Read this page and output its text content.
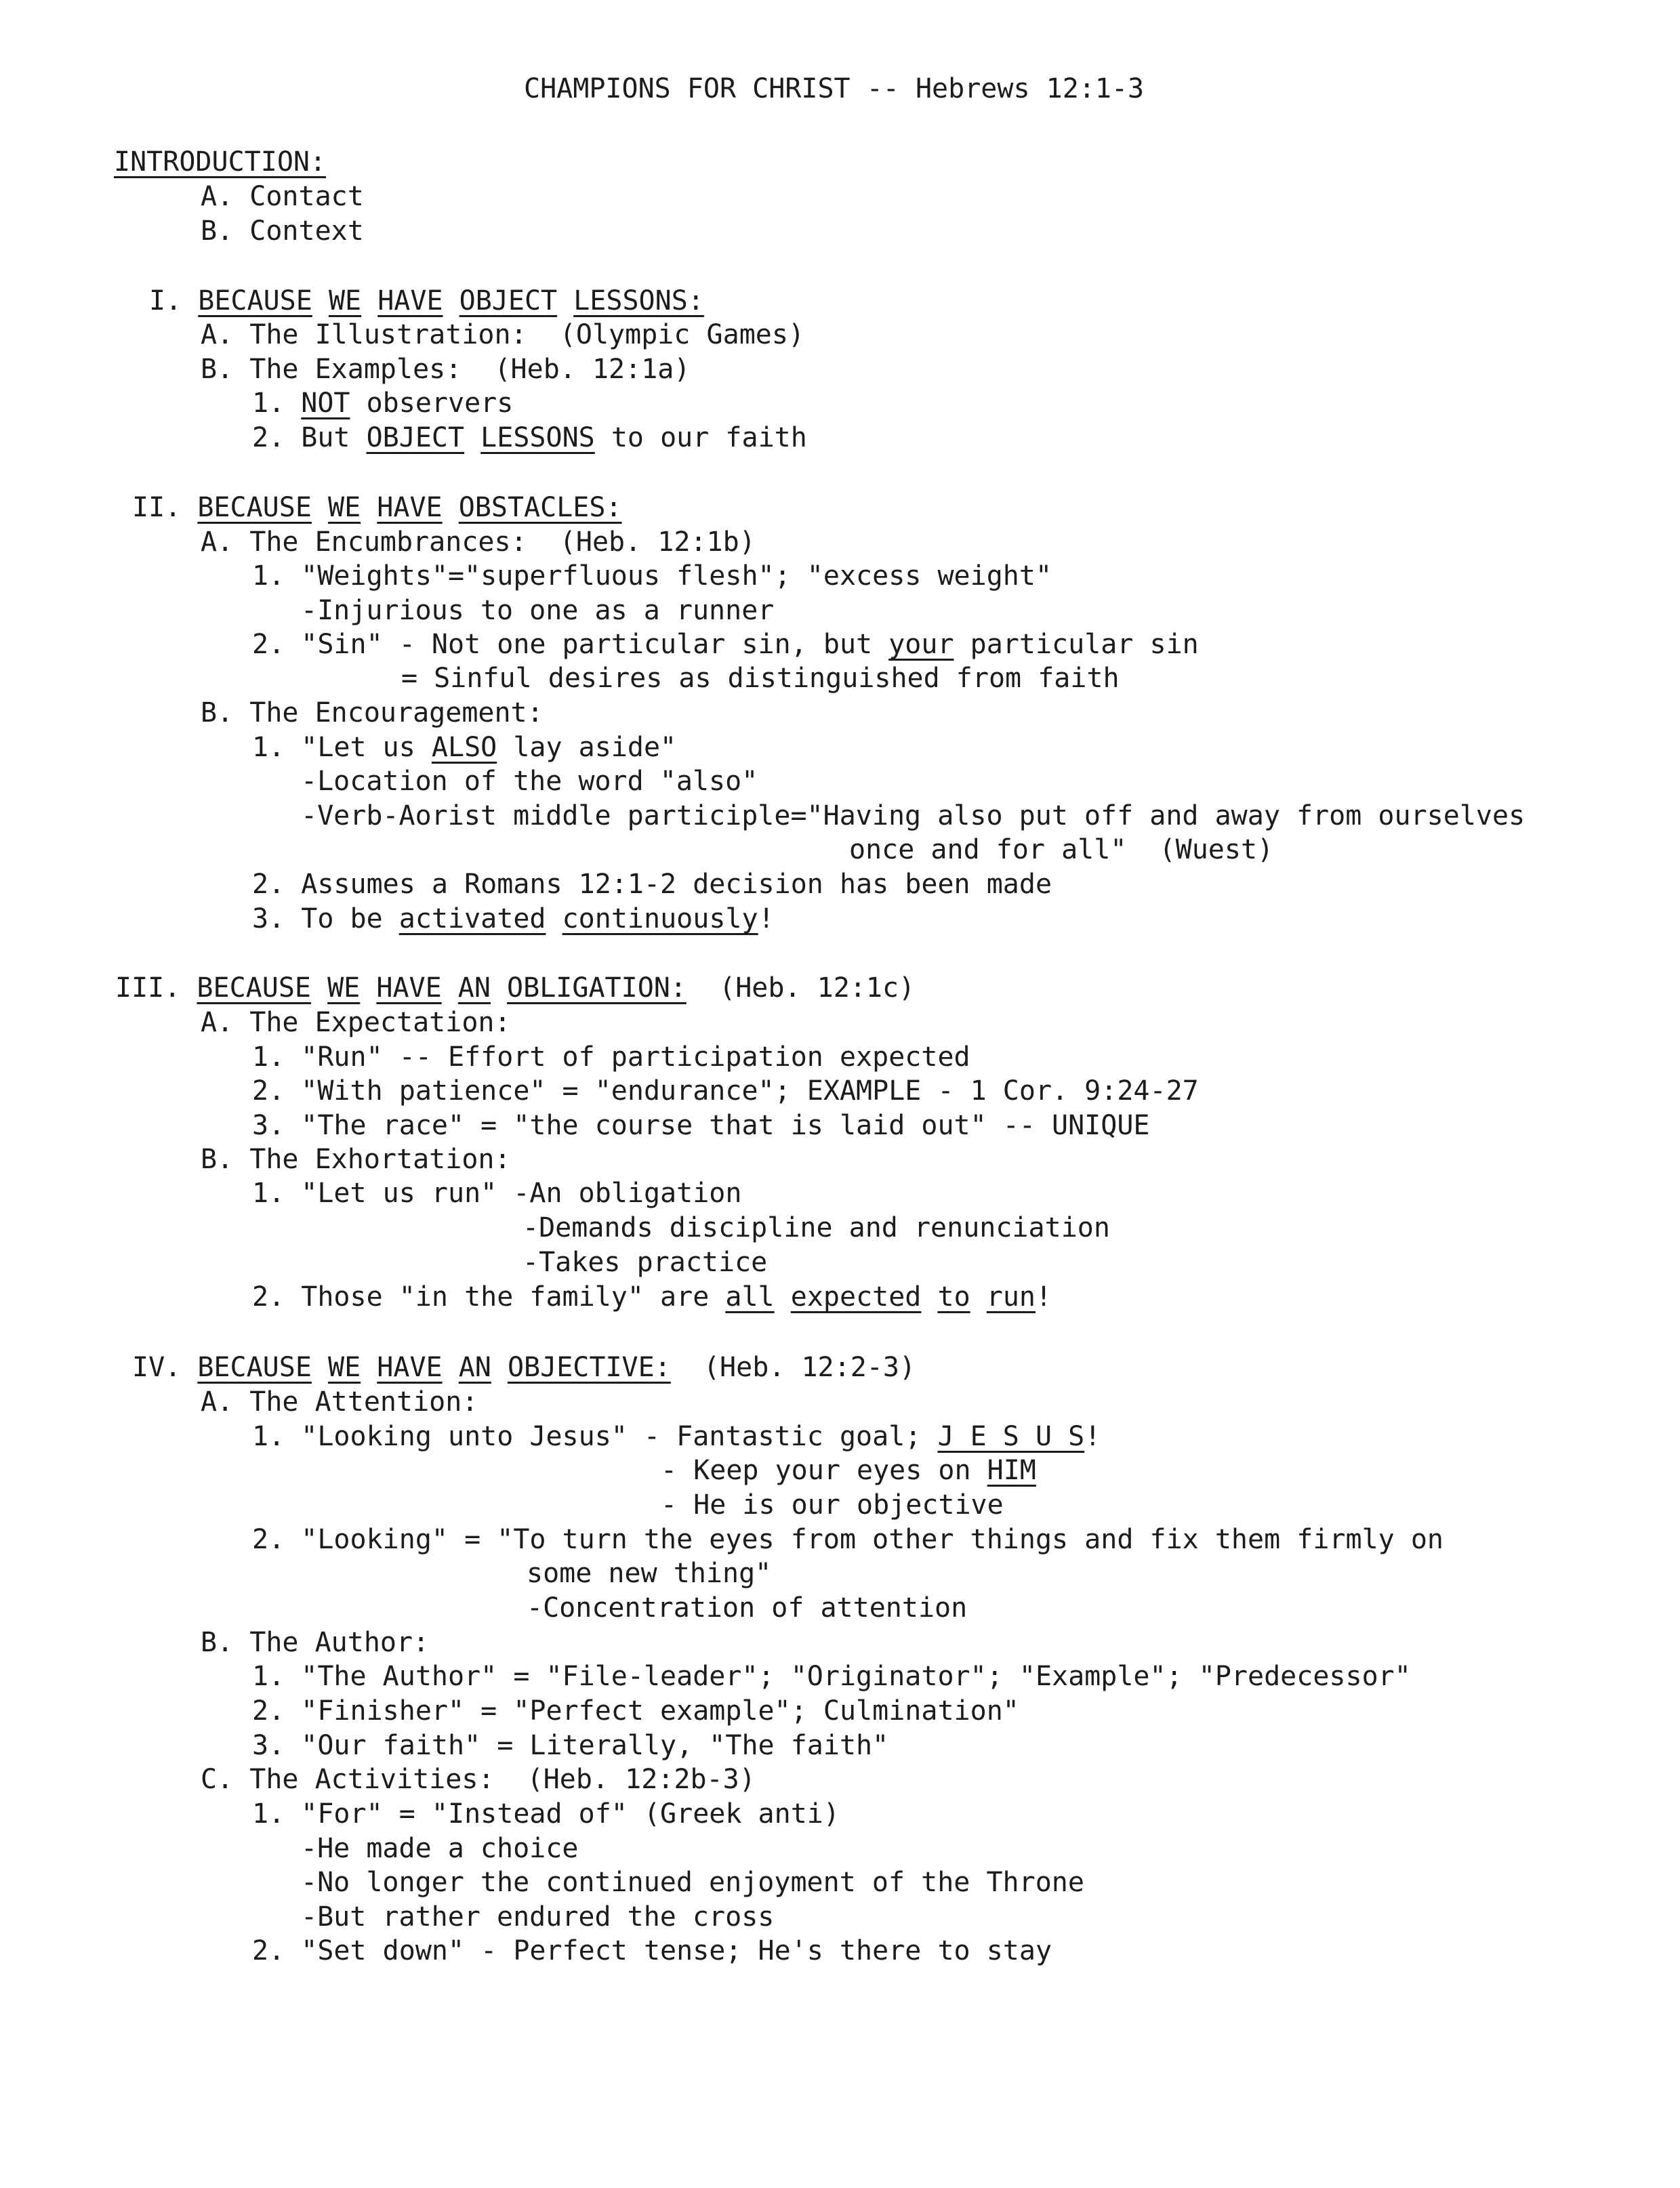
CHAMPIONS FOR CHRIST -- Hebrews 12:1-3
INTRODUCTION:
A. Contact
B. Context
I. BECAUSE WE HAVE OBJECT LESSONS:
A. The Illustration:  (Olympic Games)
B. The Examples:  (Heb. 12:1a)
1. NOT observers
2. But OBJECT LESSONS to our faith
II. BECAUSE WE HAVE OBSTACLES:
A. The Encumbrances:  (Heb. 12:1b)
1. "Weights"="superfluous flesh"; "excess weight"
-Injurious to one as a runner
2. "Sin" - Not one particular sin, but your particular sin
= Sinful desires as distinguished from faith
B. The Encouragement:
1. "Let us ALSO lay aside"
-Location of the word "also"
-Verb-Aorist middle participle="Having also put off and away from ourselves
once and for all"  (Wuest)
2. Assumes a Romans 12:1-2 decision has been made
3. To be activated continuously!
III. BECAUSE WE HAVE AN OBLIGATION: (Heb. 12:1c)
A. The Expectation:
1. "Run" -- Effort of participation expected
2. "With patience" = "endurance"; EXAMPLE - 1 Cor. 9:24-27
3. "The race" = "the course that is laid out" -- UNIQUE
B. The Exhortation:
1. "Let us run" -An obligation
-Demands discipline and renunciation
-Takes practice
2. Those "in the family" are all expected to run!
IV. BECAUSE WE HAVE AN OBJECTIVE: (Heb. 12:2-3)
A. The Attention:
1. "Looking unto Jesus" - Fantastic goal; J E S U S!
- Keep your eyes on HIM
- He is our objective
2. "Looking" = "To turn the eyes from other things and fix them firmly on
some new thing"
-Concentration of attention
B. The Author:
1. "The Author" = "File-leader"; "Originator"; "Example"; "Predecessor"
2. "Finisher" = "Perfect example"; Culmination"
3. "Our faith" = Literally, "The faith"
C. The Activities:  (Heb. 12:2b-3)
1. "For" = "Instead of" (Greek anti)
-He made a choice
-No longer the continued enjoyment of the Throne
-But rather endured the cross
2. "Set down" - Perfect tense; He's there to stay
